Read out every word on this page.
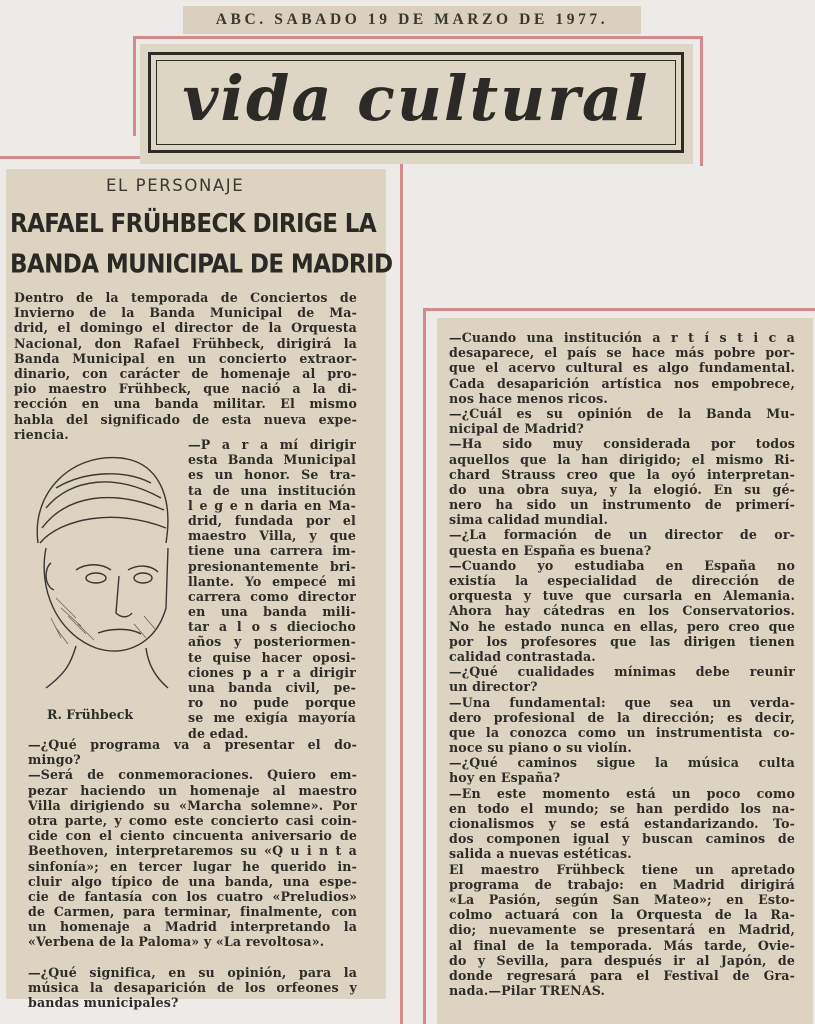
ABC. SABADO 19 DE MARZO DE 1977.
vida cultural
EL PERSONAJE
RAFAEL FRÜHBECK DIRIGE LA
BANDA MUNICIPAL DE MADRID
Dentro de la temporada de Conciertos de
Invierno de la Banda Municipal de Ma-
drid, el domingo el director de la Orquesta
Nacional, don Rafael Frühbeck, dirigirá la
Banda Municipal en un concierto extraor-
dinario, con carácter de homenaje al pro-
pio maestro Frühbeck, que nació a la di-
rección en una banda militar. El mismo
habla del significado de esta nueva expe-
riencia.
R. Frühbeck
—P a r a mí dirigir
esta Banda Municipal
es un honor. Se tra-
ta de una institución
l e g e n daria en Ma-
drid, fundada por el
maestro Villa, y que
tiene una carrera im-
presionantemente bri-
llante. Yo empecé mi
carrera como director
en una banda mili-
tar a l o s dieciocho
años y posteriormen-
te quise hacer oposi-
ciones p a r a dirigir
una banda civil, pe-
ro no pude porque
se me exigía mayoría
de edad.
—¿Qué programa va a presentar el do-
mingo?
—Será de conmemoraciones. Quiero em-
pezar haciendo un homenaje al maestro
Villa dirigiendo su «Marcha solemne». Por
otra parte, y como este concierto casi coin-
cide con el ciento cincuenta aniversario de
Beethoven, interpretaremos su «Q u i n t a
sinfonía»; en tercer lugar he querido in-
cluir algo típico de una banda, una espe-
cie de fantasía con los cuatro «Preludios»
de Carmen, para terminar, finalmente, con
un homenaje a Madrid interpretando la
«Verbena de la Paloma» y «La revoltosa».
—¿Qué significa, en su opinión, para la
música la desaparición de los orfeones y
bandas municipales?
—Cuando una institución a r t í s t i c a
desaparece, el país se hace más pobre por-
que el acervo cultural es algo fundamental.
Cada desaparición artística nos empobrece,
nos hace menos ricos.
—¿Cuál es su opinión de la Banda Mu-
nicipal de Madrid?
—Ha sido muy considerada por todos
aquellos que la han dirigido; el mismo Ri-
chard Strauss creo que la oyó interpretan-
do una obra suya, y la elogió. En su gé-
nero ha sido un instrumento de primerí-
sima calidad mundial.
—¿La formación de un director de or-
questa en España es buena?
—Cuando yo estudiaba en España no
existía la especialidad de dirección de
orquesta y tuve que cursarla en Alemania.
Ahora hay cátedras en los Conservatorios.
No he estado nunca en ellas, pero creo que
por los profesores que las dirigen tienen
calidad contrastada.
—¿Qué cualidades mínimas debe reunir
un director?
—Una fundamental: que sea un verda-
dero profesional de la dirección; es decir,
que la conozca como un instrumentista co-
noce su piano o su violín.
—¿Qué caminos sigue la música culta
hoy en España?
—En este momento está un poco como
en todo el mundo; se han perdido los na-
cionalismos y se está estandarizando. To-
dos componen igual y buscan caminos de
salida a nuevas estéticas.
El maestro Frühbeck tiene un apretado
programa de trabajo: en Madrid dirigirá
«La Pasión, según San Mateo»; en Esto-
colmo actuará con la Orquesta de la Ra-
dio; nuevamente se presentará en Madrid,
al final de la temporada. Más tarde, Ovie-
do y Sevilla, para después ir al Japón, de
donde regresará para el Festival de Gra-
nada.—Pilar TRENAS.
